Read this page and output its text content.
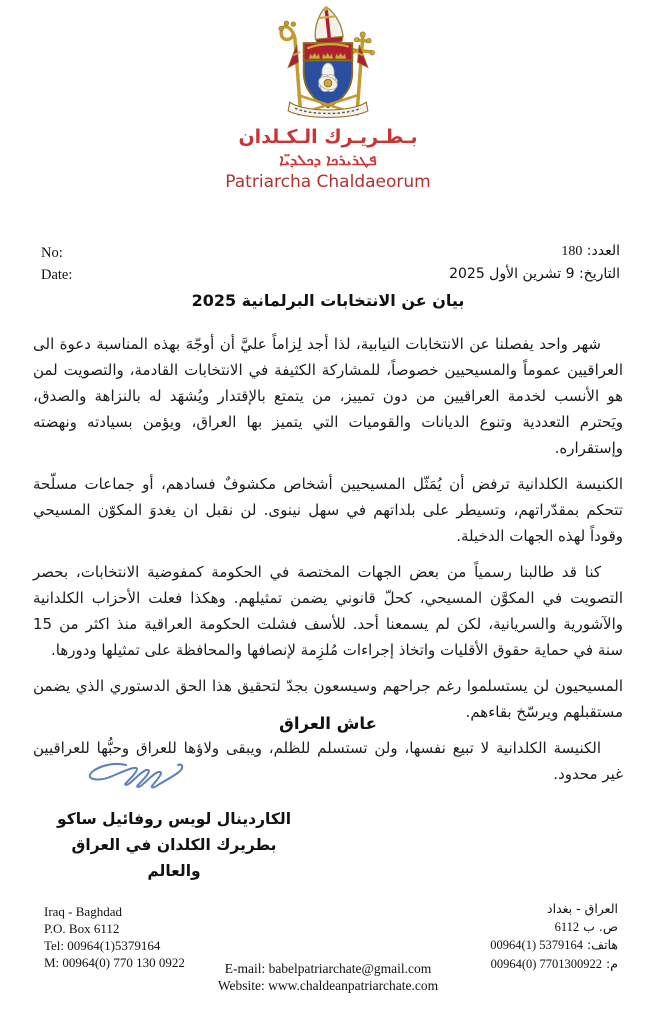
بـطـريـرك الـكـلدان
ܦܛܪܝܪܟܐ ܕܟܠܕܝ̈ܐ
Patriarcha Chaldaeorum
No:
Date:
العدد: 180
التاريخ: 9 تشرين الأول 2025
بيان عن الانتخابات البرلمانية 2025

شهر واحد يفصلنا عن الانتخابات النيابية، لذا أجد لِزاماً عليَّ أن أوجّهَ بهذه المناسبة دعوة الى العراقيين عموماً والمسيحيين خصوصاً، للمشاركة الكثيفة في الانتخابات القادمة، والتصويت لمن هو الأنسب لخدمة العراقيين من دون تمييز، من يتمتع بالإقتدار ويُشهَد له بالنزاهة والصدق، ويَحترم التعددية وتنوع الديانات والقوميات التي يتميز بها العراق، ويؤمن بسيادته ونهضته وإستقراره.

الكنيسة الكلدانية ترفض أن يُمَثّل المسيحيين أشخاص مكشوفٌ فسادهم، أو جماعات مسلّحة تتحكم بمقدّراتهم، وتسيطر على بلداتهم في سهل نينوى. لن نقبل ان يغدوَ المكوّن المسيحي وقوداً لهذه الجهات الدخيلة.

كنا قد طالبنا رسمياً من بعض الجهات المختصة في الحكومة كمفوضية الانتخابات، بحصر التصويت في المكوَّن المسيحي، كحلّ قانوني يضمن تمثيلهم. وهكذا فعلت الأحزاب الكلدانية والآشورية والسريانية، لكن لم يسمعنا أحد. للأسف فشلت الحكومة العراقية منذ اكثر من 15 سنة في حماية حقوق الأقليات واتخاذ إجراءات مُلزِمة لإنصافها والمحافظة على تمثيلها ودورها.

المسيحيون لن يستسلموا رغم جراحهم وسيسعون بجدّ لتحقيق هذا الحق الدستوري الذي يضمن مستقبلهم ويرسّخ بقاءهم.

الكنيسة الكلدانية لا تبيع نفسها، ولن تستسلم للظلم، ويبقى ولاؤها للعراق وحبُّها للعراقيين غير محدود.

عاش العراق
الكاردينال لويس روفائيل ساكو
بطريرك الكلدان في العراق والعالم
Iraq - Baghdad
P.O. Box 6112
Tel: 00964(1)5379164
M: 00964(0) 770 130 0922
العراق - بغداد
ص. ب 6112
هاتف: 00964(1) 5379164
م: 00964(0) 7701300922
E-mail: babelpatriarchate@gmail.com
Website: www.chaldeanpatriarchate.com
